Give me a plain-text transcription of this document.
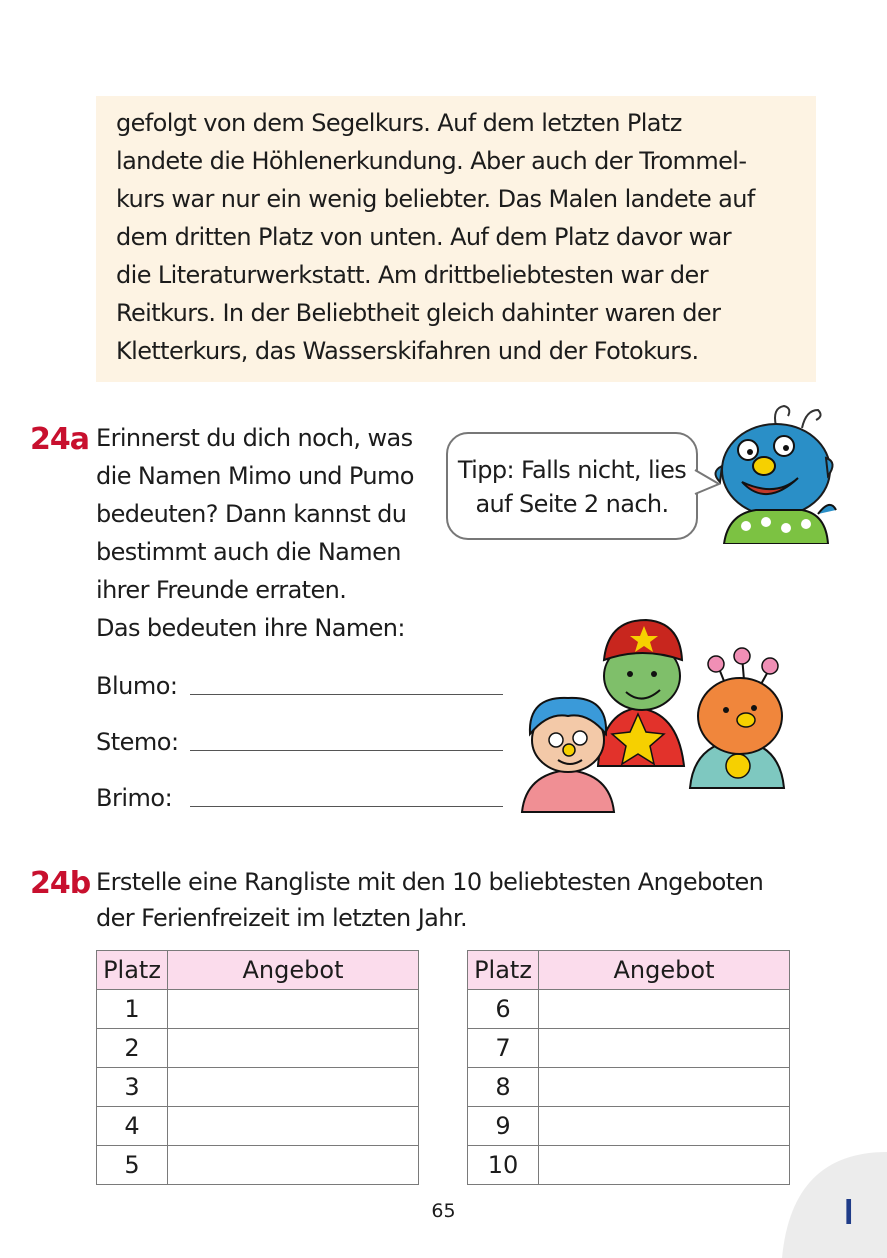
gefolgt von dem Segelkurs. Auf dem letzten Platz
landete die Höhlenerkundung. Aber auch der Trommel-
kurs war nur ein wenig beliebter. Das Malen landete auf
dem dritten Platz von unten. Auf dem Platz davor war
die Literaturwerkstatt. Am drittbeliebtesten war der
Reitkurs. In der Beliebtheit gleich dahinter waren der
Kletterkurs, das Wasserskifahren und der Fotokurs.
24a Erinnerst du dich noch, was
die Namen Mimo und Pumo
bedeuten? Dann kannst du
bestimmt auch die Namen
ihrer Freunde erraten.
Das bedeuten ihre Namen:
Tipp: Falls nicht, lies
auf Seite 2 nach.
Blumo:
Stemo:
Brimo:
24b Erstelle eine Rangliste mit den 10 beliebtesten Angeboten
der Ferienfreizeit im letzten Jahr.
Platz	Angebot
1	
2	
3	
4	
5	
Platz	Angebot
6	
7	
8	
9	
10	
65	l
